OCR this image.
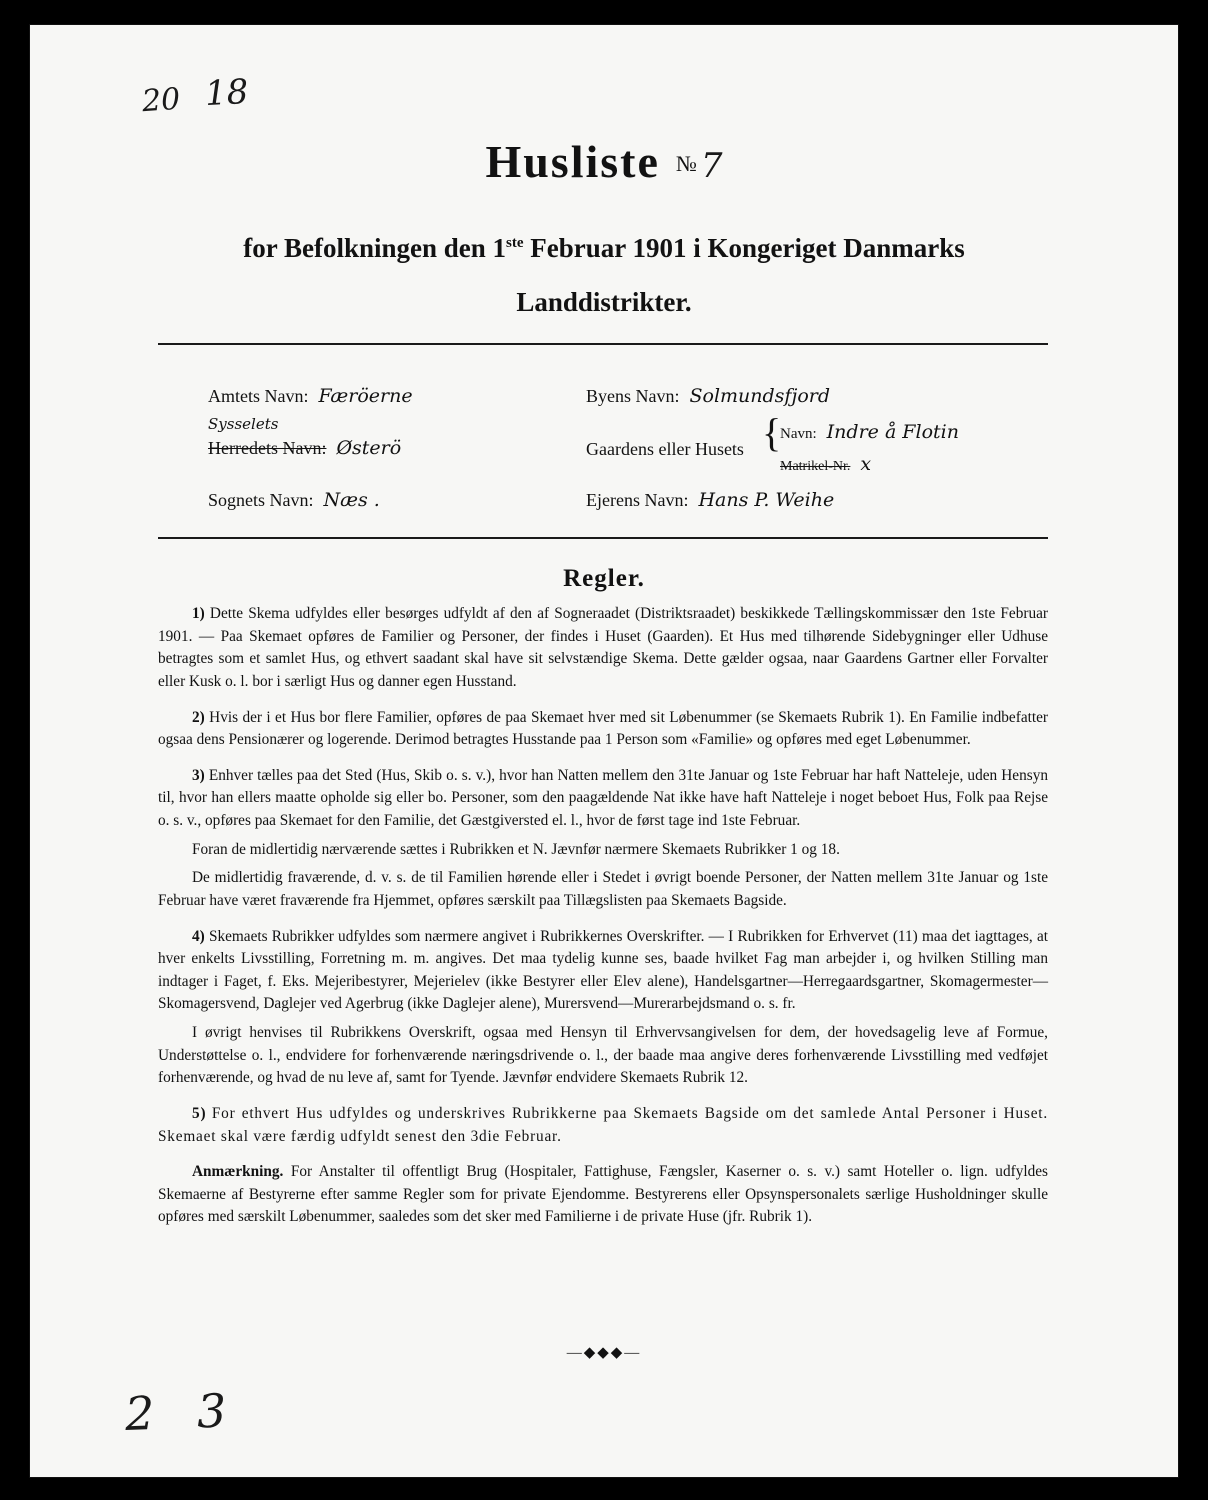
20 18
Husliste № 7
for Befolkningen den 1ste Februar 1901 i Kongeriget Danmarks
Landdistrikter.
Amtets Navn: Færöerne
Herredets Navn: Østerö
Sysselets
Sognets Navn: Næs .
Byens Navn: Solmundsfjord
Gaardens eller Husets {
Navn: Indre å Flotin
Matrikel-Nr. x
Ejerens Navn: Hans P. Weihe
Regler.

1) Dette Skema udfyldes eller besørges udfyldt af den af Sogneraadet (Distriktsraadet) beskikkede Tællingskommissær den 1ste Februar 1901. — Paa Skemaet opføres de Familier og Personer, der findes i Huset (Gaarden). Et Hus med tilhørende Sidebygninger eller Udhuse betragtes som et samlet Hus, og ethvert saadant skal have sit selvstændige Skema. Dette gælder ogsaa, naar Gaardens Gartner eller Forvalter eller Kusk o. l. bor i særligt Hus og danner egen Husstand.

2) Hvis der i et Hus bor flere Familier, opføres de paa Skemaet hver med sit Løbenummer (se Skemaets Rubrik 1). En Familie indbefatter ogsaa dens Pensionærer og logerende. Derimod betragtes Husstande paa 1 Person som «Familie» og opføres med eget Løbenummer.

3) Enhver tælles paa det Sted (Hus, Skib o. s. v.), hvor han Natten mellem den 31te Januar og 1ste Februar har haft Natteleje, uden Hensyn til, hvor han ellers maatte opholde sig eller bo. Personer, som den paagældende Nat ikke have haft Natteleje i noget beboet Hus, Folk paa Rejse o. s. v., opføres paa Skemaet for den Familie, det Gæstgiversted el. l., hvor de først tage ind 1ste Februar.

Foran de midlertidig nærværende sættes i Rubrikken et N. Jævnfør nærmere Skemaets Rubrikker 1 og 18.

De midlertidig fraværende, d. v. s. de til Familien hørende eller i Stedet i øvrigt boende Personer, der Natten mellem 31te Januar og 1ste Februar have været fraværende fra Hjemmet, opføres særskilt paa Tillægslisten paa Skemaets Bagside.

4) Skemaets Rubrikker udfyldes som nærmere angivet i Rubrikkernes Overskrifter. — I Rubrikken for Erhvervet (11) maa det iagttages, at hver enkelts Livsstilling, Forretning m. m. angives. Det maa tydelig kunne ses, baade hvilket Fag man arbejder i, og hvilken Stilling man indtager i Faget, f. Eks. Mejeribestyrer, Mejerielev (ikke Bestyrer eller Elev alene), Handelsgartner—Herregaardsgartner, Skomagermester—Skomagersvend, Daglejer ved Agerbrug (ikke Daglejer alene), Murersvend—Murerarbejdsmand o. s. fr.

I øvrigt henvises til Rubrikkens Overskrift, ogsaa med Hensyn til Erhvervsangivelsen for dem, der hovedsagelig leve af Formue, Understøttelse o. l., endvidere for forhenværende næringsdrivende o. l., der baade maa angive deres forhenværende Livsstilling med vedføjet forhenværende, og hvad de nu leve af, samt for Tyende. Jævnfør endvidere Skemaets Rubrik 12.

5) For ethvert Hus udfyldes og underskrives Rubrikkerne paa Skemaets Bagside om det samlede Antal Personer i Huset. Skemaet skal være færdig udfyldt senest den 3die Februar.

Anmærkning. For Anstalter til offentligt Brug (Hospitaler, Fattighuse, Fængsler, Kaserner o. s. v.) samt Hoteller o. lign. udfyldes Skemaerne af Bestyrerne efter samme Regler som for private Ejendomme. Bestyrerens eller Opsynspersonalets særlige Husholdninger skulle opføres med særskilt Løbenummer, saaledes som det sker med Familierne i de private Huse (jfr. Rubrik 1).

—◆◆◆—
2 3
